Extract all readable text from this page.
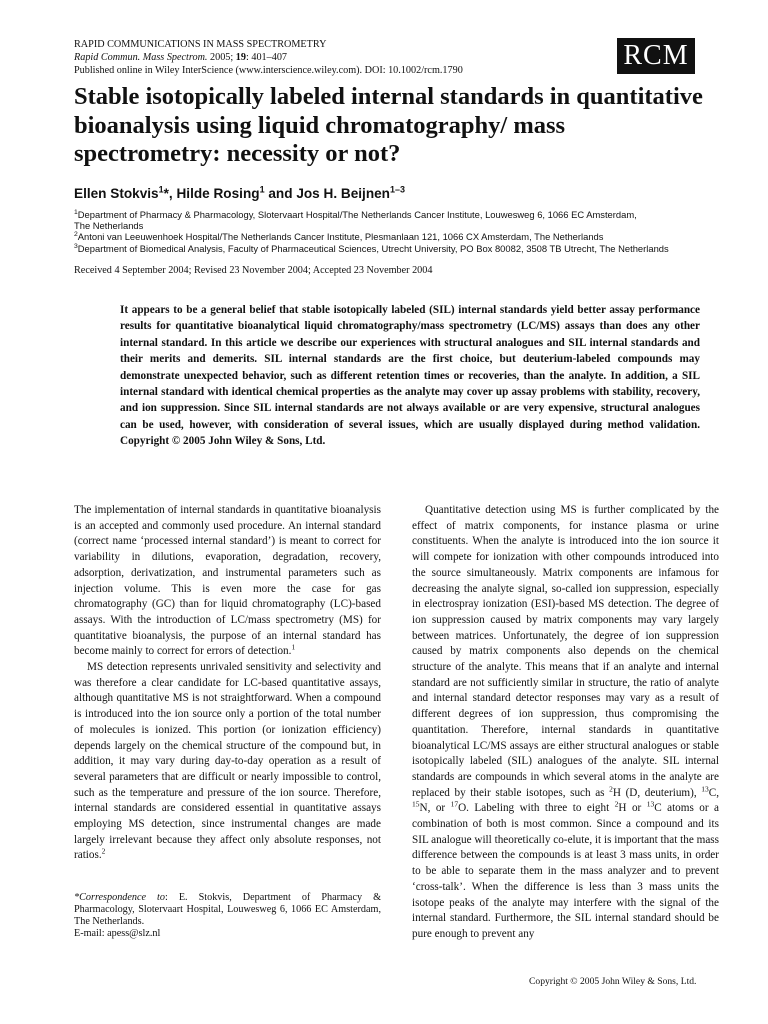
RAPID COMMUNICATIONS IN MASS SPECTROMETRY
Rapid Commun. Mass Spectrom. 2005; 19: 401–407
Published online in Wiley InterScience (www.interscience.wiley.com). DOI: 10.1002/rcm.1790	RCM
Stable isotopically labeled internal standards in quantitative bioanalysis using liquid chromatography/ mass spectrometry: necessity or not?
Ellen Stokvis$^1$*, Hilde Rosing$^1$ and Jos H. Beijnen$^{1-3}$
$^1$Department of Pharmacy & Pharmacology, Slotervaart Hospital/The Netherlands Cancer Institute, Louwesweg 6, 1066 EC Amsterdam,
The Netherlands
$^2$Antoni van Leeuwenhoek Hospital/The Netherlands Cancer Institute, Plesmanlaan 121, 1066 CX Amsterdam, The Netherlands
$^3$Department of Biomedical Analysis, Faculty of Pharmaceutical Sciences, Utrecht University, PO Box 80082, 3508 TB Utrecht, The Netherlands
Received 4 September 2004; Revised 23 November 2004; Accepted 23 November 2004

It appears to be a general belief that stable isotopically labeled (SIL) internal standards yield better assay performance results for quantitative bioanalytical liquid chromatography/mass spectrometry (LC/MS) assays than does any other internal standard. In this article we describe our experiences with structural analogues and SIL internal standards and their merits and demerits. SIL internal standards are the first choice, but deuterium-labeled compounds may demonstrate unexpected behavior, such as different retention times or recoveries, than the analyte. In addition, a SIL internal standard with identical chemical properties as the analyte may cover up assay problems with stability, recovery, and ion suppression. Since SIL internal standards are not always available or are very expensive, structural analogues can be used, however, with consideration of several issues, which are usually displayed during method validation. Copyright © 2005 John Wiley & Sons, Ltd.

The implementation of internal standards in quantitative bioanalysis is an accepted and commonly used procedure. An internal standard (correct name ‘processed internal standard’) is meant to correct for variability in dilutions, evaporation, degradation, recovery, adsorption, derivatization, and instrumental parameters such as injection volume. This is even more the case for gas chromatography (GC) than for liquid chromatography (LC)-based assays. With the introduction of LC/mass spectrometry (MS) for quantitative bioanalysis, the purpose of an internal standard has become mainly to correct for errors of detection.$^1$

MS detection represents unrivaled sensitivity and selectivity and was therefore a clear candidate for LC-based quantitative assays, although quantitative MS is not straightforward. When a compound is introduced into the ion source only a portion of the total number of molecules is ionized. This portion (or ionization efficiency) depends largely on the chemical structure of the compound but, in addition, it may vary during day-to-day operation as a result of several parameters that are difficult or nearly impossible to control, such as the temperature and pressure of the ion source. Therefore, internal standards are considered essential in quantitative assays employing MS detection, since instrumental changes are made largely irrelevant because they affect only absolute responses, not ratios.$^2$

*Correspondence to: E. Stokvis, Department of Pharmacy & Pharmacology, Slotervaart Hospital, Louwesweg 6, 1066 EC Amsterdam, The Netherlands.

E-mail: apess@slz.nl

Quantitative detection using MS is further complicated by the effect of matrix components, for instance plasma or urine constituents. When the analyte is introduced into the ion source it will compete for ionization with other compounds introduced into the source simultaneously. Matrix components are infamous for decreasing the analyte signal, so-called ion suppression, especially in electrospray ionization (ESI)-based MS detection. The degree of ion suppression caused by matrix components may vary largely between matrices. Unfortunately, the degree of ion suppression caused by matrix components also depends on the chemical structure of the analyte. This means that if an analyte and internal standard are not sufficiently similar in structure, the ratio of analyte and internal standard detector responses may vary as a result of different degrees of ion suppression, thus compromising the quantitation. Therefore, internal standards in quantitative bioanalytical LC/MS assays are either structural analogues or stable isotopically labeled (SIL) analogues of the analyte. SIL internal standards are compounds in which several atoms in the analyte are replaced by their stable isotopes, such as $^2$H (D, deuterium), $^{13}$C, $^{15}$N, or $^{17}$O. Labeling with three to eight $^2$H or $^{13}$C atoms or a combination of both is most common. Since a compound and its SIL analogue will theoretically co-elute, it is important that the mass difference between the compounds is at least 3 mass units, in order to be able to separate them in the mass analyzer and to prevent ‘cross-talk’. When the difference is less than 3 mass units the isotope peaks of the analyte may interfere with the signal of the internal standard. Furthermore, the SIL internal standard should be pure enough to prevent any

Copyright © 2005 John Wiley & Sons, Ltd.
